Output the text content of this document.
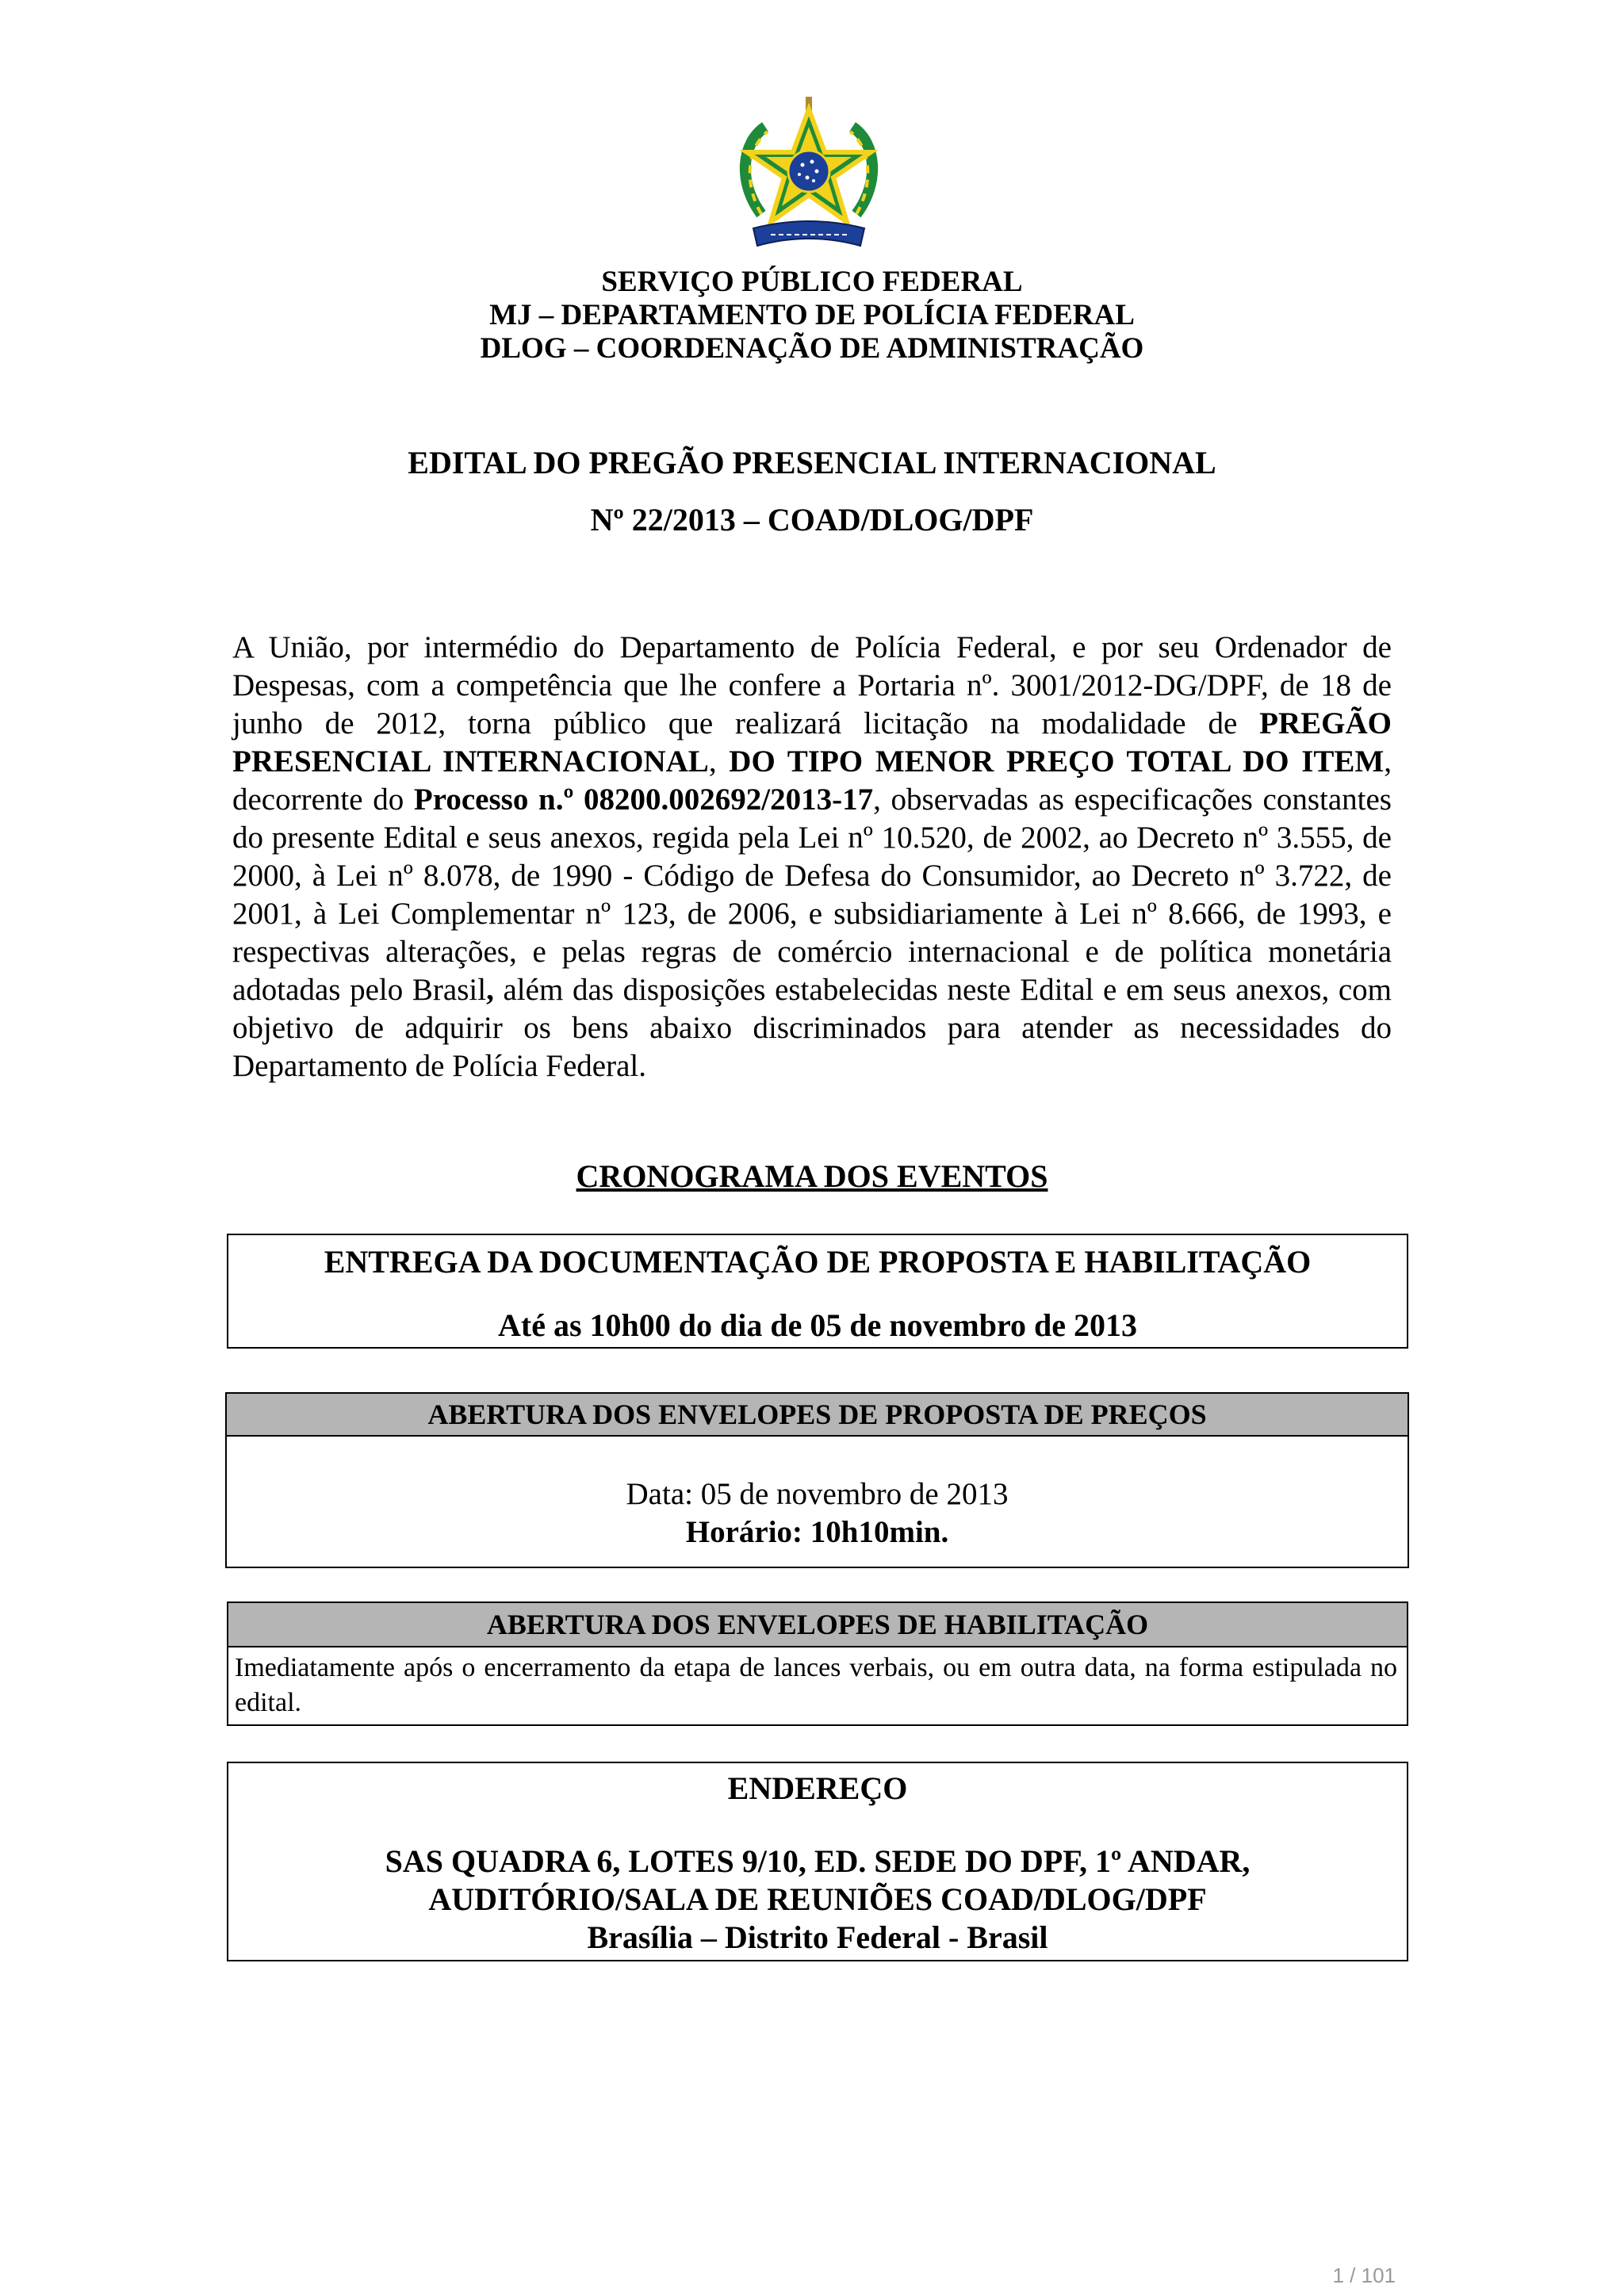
SERVIÇO PÚBLICO FEDERAL
MJ – DEPARTAMENTO DE POLÍCIA FEDERAL
DLOG – COORDENAÇÃO DE ADMINISTRAÇÃO
EDITAL DO PREGÃO PRESENCIAL INTERNACIONAL
Nº 22/2013 – COAD/DLOG/DPF
A União, por intermédio do Departamento de Polícia Federal, e por seu Ordenador de Despesas, com a competência que lhe confere a Portaria nº. 3001/2012-DG/DPF, de 18 de junho de 2012, torna público que realizará licitação na modalidade de PREGÃO PRESENCIAL INTERNACIONAL, DO TIPO MENOR PREÇO TOTAL DO ITEM, decorrente do Processo n.º 08200.002692/2013-17, observadas as especificações constantes do presente Edital e seus anexos, regida pela Lei nº 10.520, de 2002, ao Decreto nº 3.555, de 2000, à Lei nº 8.078, de 1990 - Código de Defesa do Consumidor, ao Decreto nº 3.722, de 2001, à Lei Complementar nº 123, de 2006, e subsidiariamente à Lei nº 8.666, de 1993, e respectivas alterações, e pelas regras de comércio internacional e de política monetária adotadas pelo Brasil, além das disposições estabelecidas neste Edital e em seus anexos, com objetivo de adquirir os bens abaixo discriminados para atender as necessidades do Departamento de Polícia Federal.
CRONOGRAMA DOS EVENTOS
ENTREGA DA DOCUMENTAÇÃO DE PROPOSTA E HABILITAÇÃO
Até as 10h00 do dia de 05 de novembro de 2013
ABERTURA DOS ENVELOPES DE PROPOSTA DE PREÇOS
Data: 05 de novembro de 2013
Horário: 10h10min.
ABERTURA DOS ENVELOPES DE HABILITAÇÃO
Imediatamente após o encerramento da etapa de lances verbais, ou em outra data, na forma estipulada no edital.
ENDEREÇO
SAS QUADRA 6, LOTES 9/10, ED. SEDE DO DPF, 1º ANDAR,
AUDITÓRIO/SALA DE REUNIÕES COAD/DLOG/DPF
Brasília – Distrito Federal - Brasil
1 / 101
